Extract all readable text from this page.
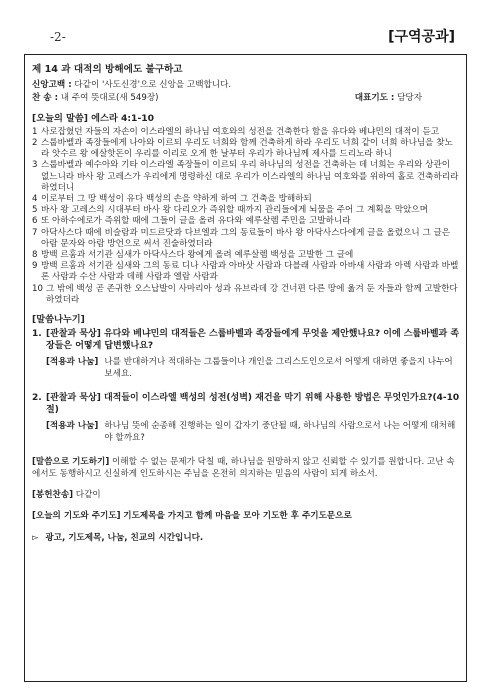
-2-	[구역공과]
제 14 과 대적의 방해에도 불구하고
신앙고백 : 다같이 '사도신경'으로 신앙을 고백합니다.
찬 송 : 내 주여 뜻대로(새 549장)	대표기도 : 담당자
[오늘의 말씀] 에스라 4:1-10
1 사로잡혔던 자들의 자손이 이스라엘의 하나님 여호와의 성전을 건축한다 함을 유다와 베냐민의 대적이 듣고
2 스룹바벨과 족장들에게 나아와 이르되 우리도 너희와 함께 건축하게 하라 우리도 너희 같이 너희 하나님을 찾노라 앗수르 왕 에살핫돈이 우리를 이리로 오게 한 날부터 우리가 하나님께 제사를 드리노라 하니
3 스룹바벨과 예수아와 기타 이스라엘 족장들이 이르되 우리 하나님의 성전을 건축하는 데 너희는 우리와 상관이 없느니라 바사 왕 고레스가 우리에게 명령하신 대로 우리가 이스라엘의 하나님 여호와를 위하여 홀로 건축하리라 하였더니
4 이로부터 그 땅 백성이 유다 백성의 손을 약하게 하여 그 건축을 방해하되
5 바사 왕 고레스의 시대부터 바사 왕 다리오가 즉위할 때까지 관리들에게 뇌물을 주어 그 계획을 막았으며
6 또 아하수에로가 즉위할 때에 그들이 글을 올려 유다와 예루살렘 주민을 고발하니라
7 아닥사스다 때에 비슬람과 미드르닷과 다브엘과 그의 동료들이 바사 왕 아닥사스다에게 글을 올렸으니 그 글은 아람 문자와 아람 방언으로 써서 진술하였더라
8 방백 르훔과 서기관 심새가 아닥사스다 왕에게 올려 예루살렘 백성을 고발한 그 글에
9 방백 르훔과 서기관 심새와 그의 동료 디나 사람과 아바삿 사람과 다블래 사람과 아바새 사람과 아렉 사람과 바벨론 사람과 수산 사람과 데해 사람과 엘람 사람과
10 그 밖에 백성 곧 존귀한 오스납발이 사마리아 성과 유브라데 강 건너편 다른 땅에 옮겨 둔 자들과 함께 고발한다 하였더라
[말씀나누기]
1. [관찰과 묵상] 유다와 베냐민의 대적들은 스룹바벨과 족장들에게 무엇을 제안했나요? 이에 스룹바벨과 족장들은 어떻게 답변했나요?
[적용과 나눔] 나를 반대하거나 적대하는 그룹들이나 개인을 그리스도인으로서 어떻게 대하면 좋을지 나누어 보세요.
2. [관찰과 묵상] 대적들이 이스라엘 백성의 성전(성벽) 재건을 막기 위해 사용한 방법은 무엇인가요?(4-10절)
[적용과 나눔] 하나님 뜻에 순종해 진행하는 일이 갑자기 중단될 때, 하나님의 사람으로서 나는 어떻게 대처해야 할까요?
[말씀으로 기도하기] 이해할 수 없는 문제가 닥칠 때, 하나님을 원망하지 않고 신뢰할 수 있기를 원합니다. 고난 속에서도 동행하시고 신실하게 인도하시는 주님을 온전히 의지하는 믿음의 사람이 되게 하소서.
[봉헌찬송] 다같이
[오늘의 기도와 주기도] 기도제목을 가지고 함께 마음을 모아 기도한 후 주기도문으로
▻ 광고, 기도제목, 나눔, 친교의 시간입니다.
